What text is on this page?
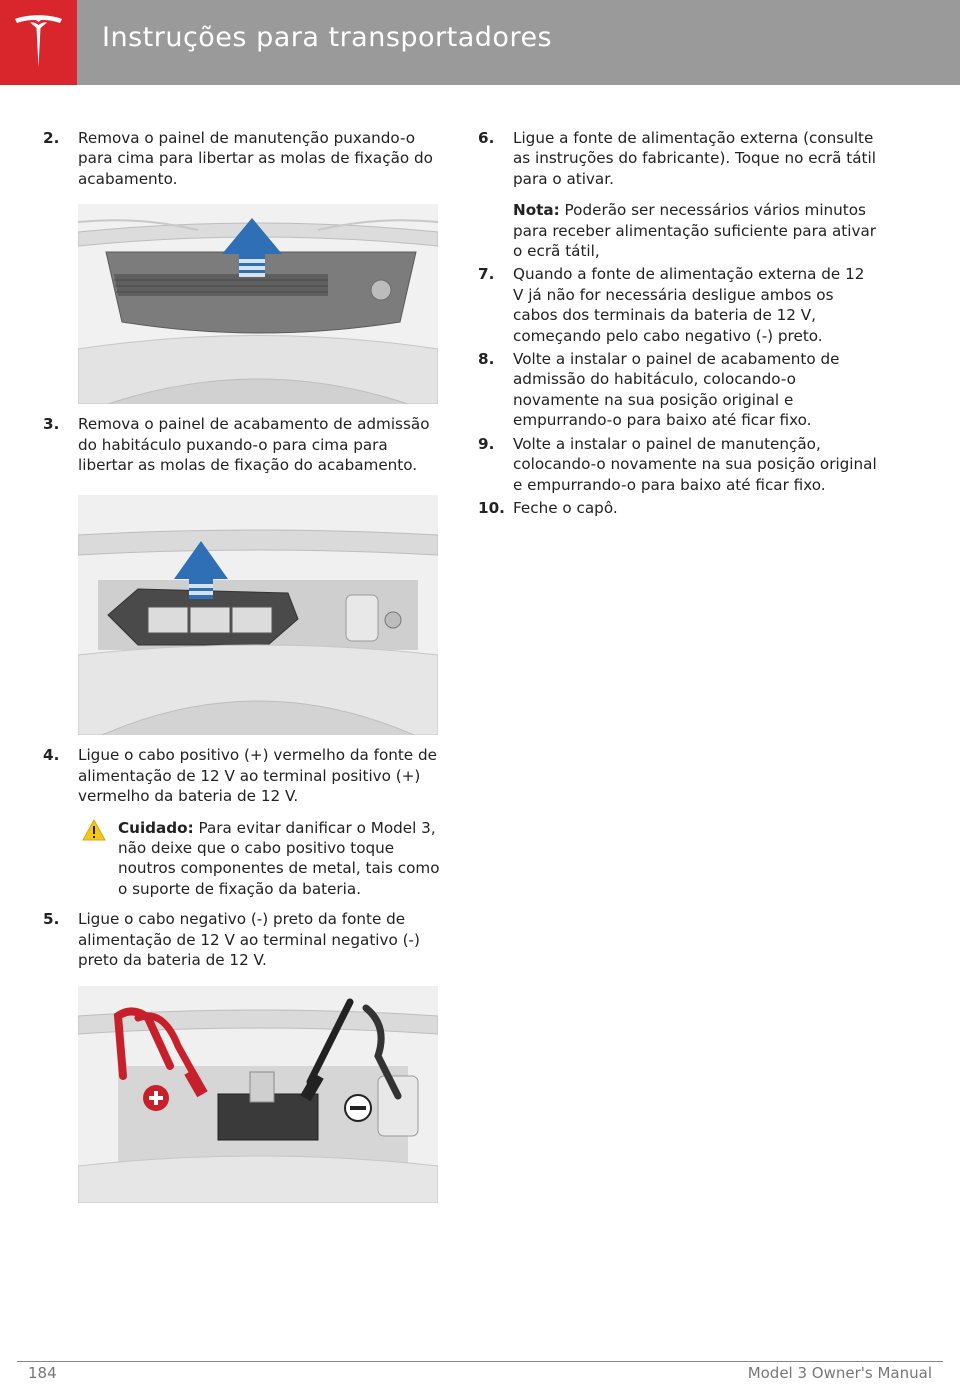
Instruções para transportadores
2. Remova o painel de manutenção puxando-o para cima para libertar as molas de fixação do acabamento.
3. Remova o painel de acabamento de admissão do habitáculo puxando-o para cima para libertar as molas de fixação do acabamento.
4. Ligue o cabo positivo (+) vermelho da fonte de alimentação de 12 V ao terminal positivo (+) vermelho da bateria de 12 V.
Cuidado: Para evitar danificar o Model 3, não deixe que o cabo positivo toque noutros componentes de metal, tais como o suporte de fixação da bateria.
5. Ligue o cabo negativo (-) preto da fonte de alimentação de 12 V ao terminal negativo (-) preto da bateria de 12 V.
6. Ligue a fonte de alimentação externa (consulte as instruções do fabricante). Toque no ecrã tátil para o ativar.
Nota: Poderão ser necessários vários minutos para receber alimentação suficiente para ativar o ecrã tátil,
7. Quando a fonte de alimentação externa de 12 V já não for necessária desligue ambos os cabos dos terminais da bateria de 12 V, começando pelo cabo negativo (-) preto.
8. Volte a instalar o painel de acabamento de admissão do habitáculo, colocando-o novamente na sua posição original e empurrando-o para baixo até ficar fixo.
9. Volte a instalar o painel de manutenção, colocando-o novamente na sua posição original e empurrando-o para baixo até ficar fixo.
10. Feche o capô.
184	Model 3 Owner's Manual
